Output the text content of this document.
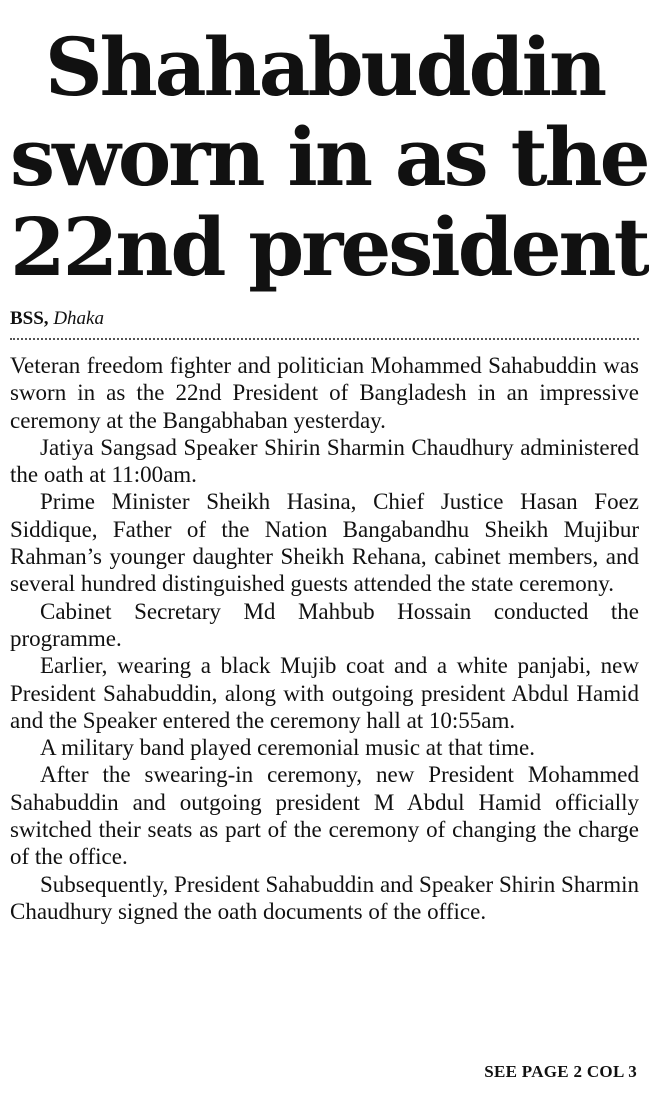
Shahabuddin
sworn in as the
22nd president
BSS, Dhaka

Veteran freedom fighter and politician Mohammed Sahabuddin was sworn in as the 22nd President of Bangladesh in an impressive ceremony at the Bangabhaban yesterday.

Jatiya Sangsad Speaker Shirin Sharmin Chaudhury administered the oath at 11:00am.

Prime Minister Sheikh Hasina, Chief Justice Hasan Foez Siddique, Father of the Nation Bangabandhu Sheikh Mujibur Rahman’s younger daughter Sheikh Rehana, cabinet members, and several hundred distinguished guests attended the state ceremony.

Cabinet Secretary Md Mahbub Hossain conducted the programme.

Earlier, wearing a black Mujib coat and a white panjabi, new President Sahabuddin, along with outgoing president Abdul Hamid and the Speaker entered the ceremony hall at 10:55am.

A military band played ceremonial music at that time.

After the swearing-in ceremony, new President Mohammed Sahabuddin and outgoing president M Abdul Hamid officially switched their seats as part of the ceremony of changing the charge of the office.

Subsequently, President Sahabuddin and Speaker Shirin Sharmin Chaudhury signed the oath documents of the office.

SEE PAGE 2 COL 3
